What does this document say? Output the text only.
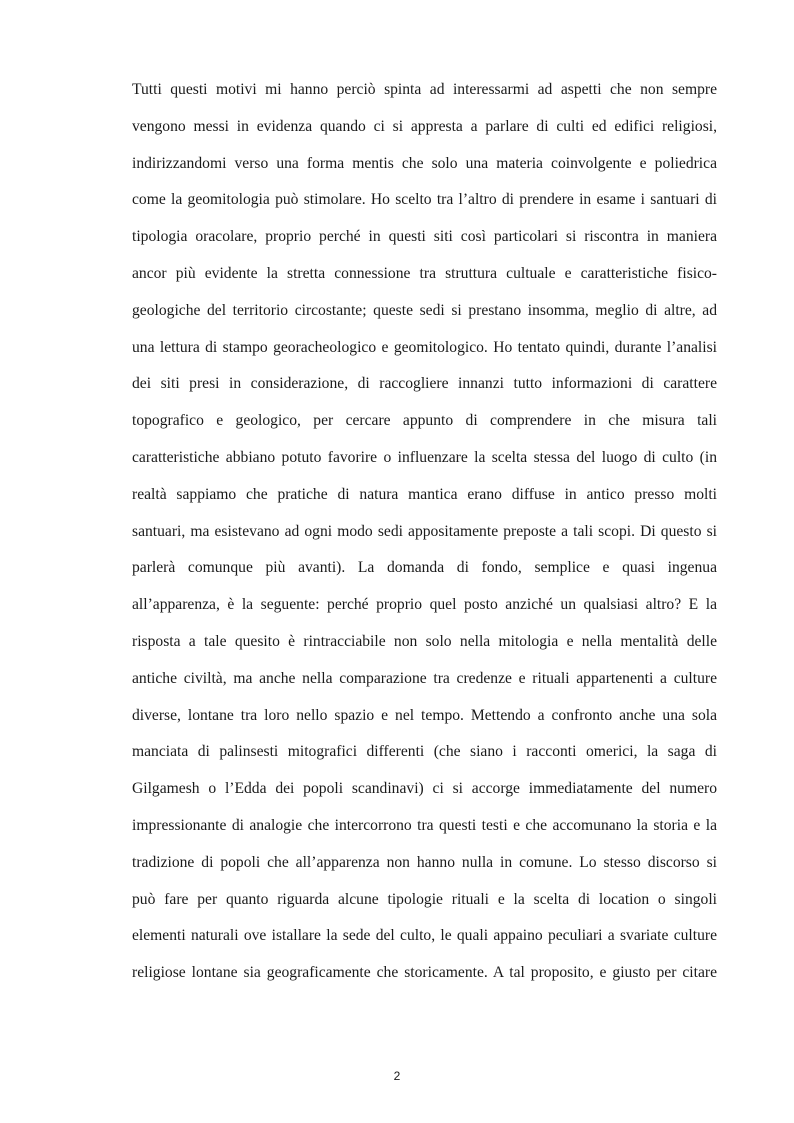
Tutti questi motivi mi hanno perciò spinta ad interessarmi ad aspetti che non sempre
vengono messi in evidenza quando ci si appresta a parlare di culti ed edifici religiosi,
indirizzandomi verso una forma mentis che solo una materia coinvolgente e poliedrica
come la geomitologia può stimolare. Ho scelto tra l’altro di prendere in esame i santuari di
tipologia oracolare, proprio perché in questi siti così particolari si riscontra in maniera
ancor più evidente la stretta connessione tra struttura cultuale e caratteristiche fisico-
geologiche del territorio circostante; queste sedi si prestano insomma, meglio di altre, ad
una lettura di stampo georacheologico e geomitologico. Ho tentato quindi, durante l’analisi
dei siti presi in considerazione, di raccogliere innanzi tutto informazioni di carattere
topografico e geologico, per cercare appunto di comprendere in che misura tali
caratteristiche abbiano potuto favorire o influenzare la scelta stessa del luogo di culto (in
realtà sappiamo che pratiche di natura mantica erano diffuse in antico presso molti
santuari, ma esistevano ad ogni modo sedi appositamente preposte a tali scopi. Di questo si
parlerà comunque più avanti). La domanda di fondo, semplice e quasi ingenua
all’apparenza, è la seguente: perché proprio quel posto anziché un qualsiasi altro? E la
risposta a tale quesito è rintracciabile non solo nella mitologia e nella mentalità delle
antiche civiltà, ma anche nella comparazione tra credenze e rituali appartenenti a culture
diverse, lontane tra loro nello spazio e nel tempo. Mettendo a confronto anche una sola
manciata di palinsesti mitografici differenti (che siano i racconti omerici, la saga di
Gilgamesh o l’Edda dei popoli scandinavi) ci si accorge immediatamente del numero
impressionante di analogie che intercorrono tra questi testi e che accomunano la storia e la
tradizione di popoli che all’apparenza non hanno nulla in comune. Lo stesso discorso si
può fare per quanto riguarda alcune tipologie rituali e la scelta di location o singoli
elementi naturali ove istallare la sede del culto, le quali appaino peculiari a svariate culture
religiose lontane sia geograficamente che storicamente. A tal proposito, e giusto per citare
2
